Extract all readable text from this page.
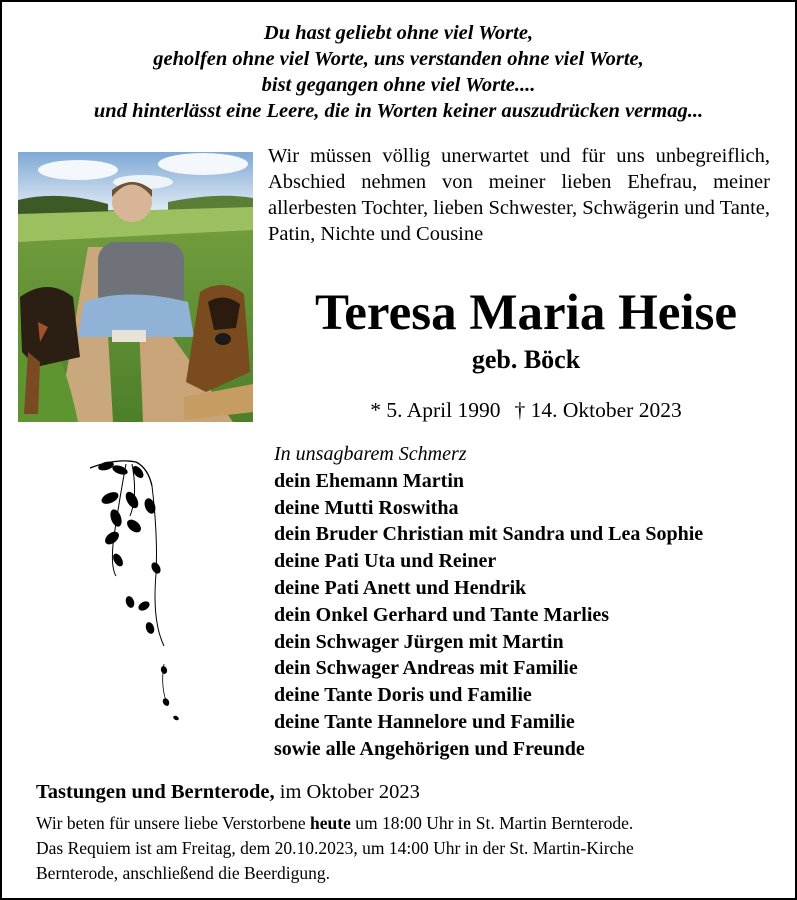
Du hast geliebt ohne viel Worte,
geholfen ohne viel Worte, uns verstanden ohne viel Worte,
bist gegangen ohne viel Worte....
und hinterlässt eine Leere, die in Worten keiner auszudrücken vermag...
Wir müssen völlig unerwartet und für uns unbegreiflich, Abschied nehmen von meiner lieben Ehefrau, meiner allerbesten Tochter, lieben Schwester, Schwägerin und Tante, Patin, Nichte und Cousine
Teresa Maria Heise
geb. Böck
* 5. April 1990 † 14. Oktober 2023
In unsagbarem Schmerz
dein Ehemann Martin
deine Mutti Roswitha
dein Bruder Christian mit Sandra und Lea Sophie
deine Pati Uta und Reiner
deine Pati Anett und Hendrik
dein Onkel Gerhard und Tante Marlies
dein Schwager Jürgen mit Martin
dein Schwager Andreas mit Familie
deine Tante Doris und Familie
deine Tante Hannelore und Familie
sowie alle Angehörigen und Freunde
Tastungen und Bernterode, im Oktober 2023
Wir beten für unsere liebe Verstorbene heute um 18:00 Uhr in St. Martin Bernterode.
Das Requiem ist am Freitag, dem 20.10.2023, um 14:00 Uhr in der St. Martin-Kirche
Bernterode, anschließend die Beerdigung.
